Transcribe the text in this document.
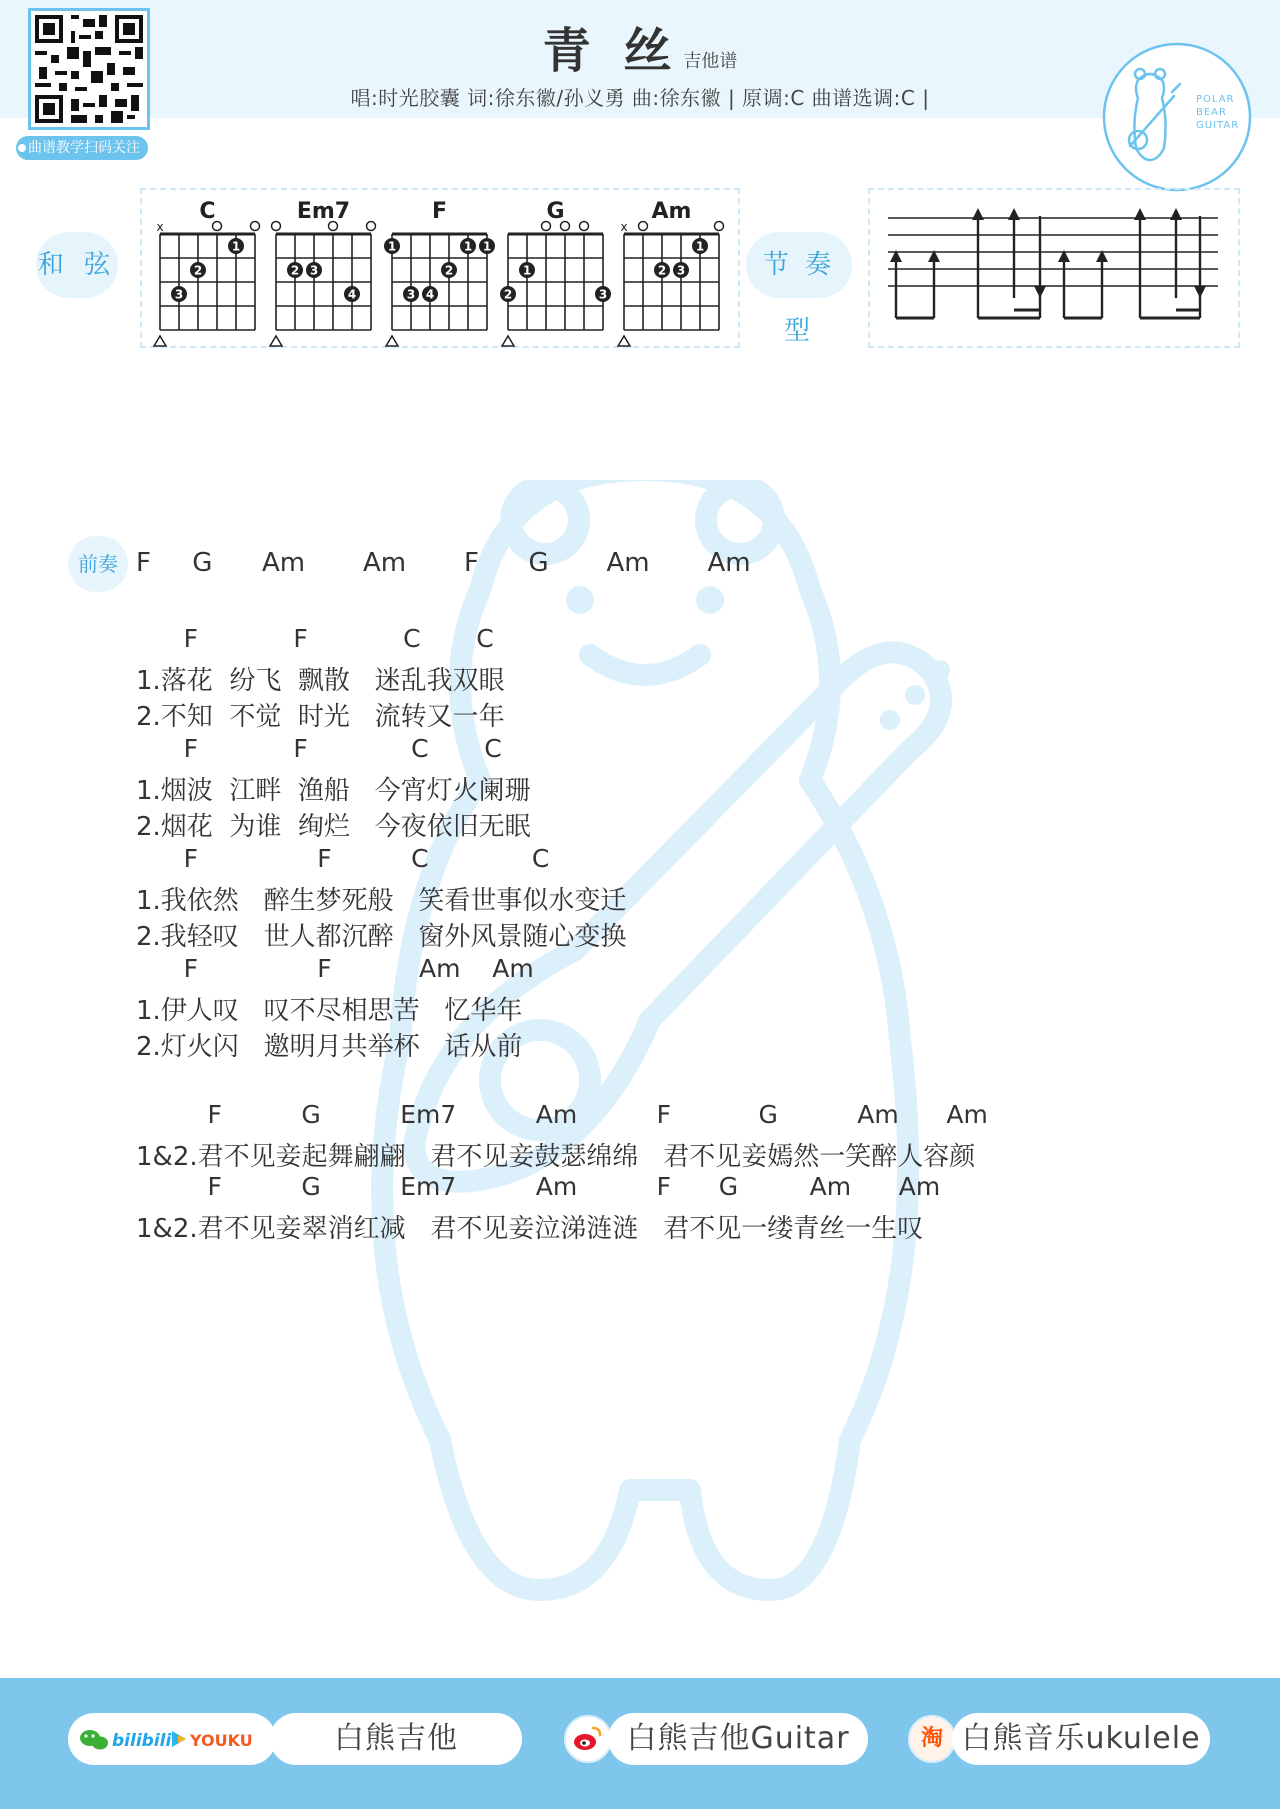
青 丝 吉他谱
唱:时光胶囊 词:徐东徽/孙义勇 曲:徐东徽 | 原调:C 曲谱选调:C |
曲谱教学扫码关注
POLAR
BEAR
GUITAR
和 弦
C
x
3
2
1
Em7
2 3
4
F
1
3 4
2
1 1
G
2
1
3
Am
x
2 3
1
节 奏 型
前奏 F     G      Am       Am       F      G       Am       Am
F            F            C       C
1.落花  纷飞  飘散   迷乱我双眼
2.不知  不觉  时光   流转又一年
F            F             C       C
1.烟波  江畔  渔船   今宵灯火阑珊
2.烟花  为谁  绚烂   今夜依旧无眠
F               F          C             C
1.我依然   醉生梦死般   笑看世事似水变迁
2.我轻叹   世人都沉醉   窗外风景随心变换
F               F           Am    Am
1.伊人叹   叹不尽相思苦   忆华年
2.灯火闪   邀明月共举杯   话从前
F          G          Em7          Am          F           G          Am      Am
1&2.君不见妾起舞翩翩   君不见妾鼓瑟绵绵   君不见妾嫣然一笑醉人容颜
F          G          Em7          Am          F      G         Am      Am
1&2.君不见妾翠消红减   君不见妾泣涕涟涟   君不见一缕青丝一生叹
bilibili YOUKU	白熊吉他	白熊吉他Guitar	淘 白熊音乐ukulele
